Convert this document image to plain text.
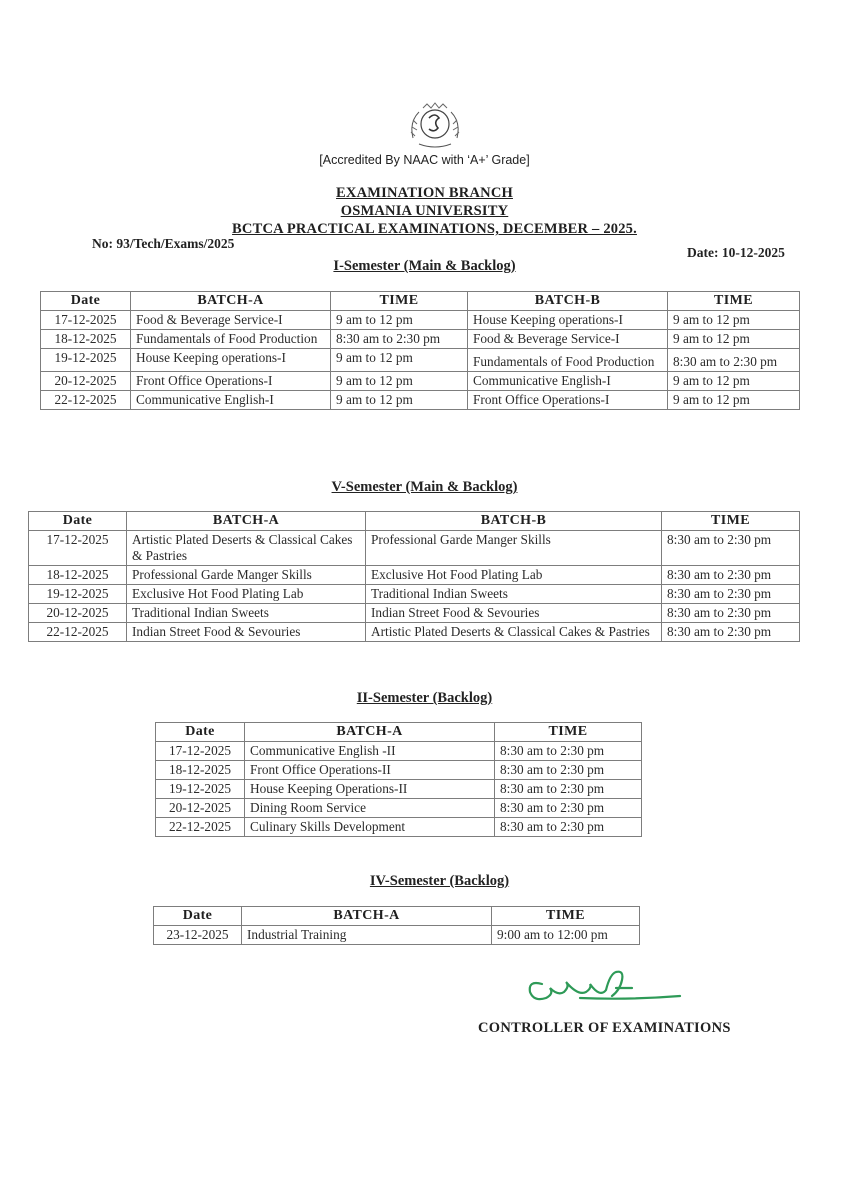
[Accredited By NAAC with ‘A+’ Grade]
EXAMINATION BRANCH
OSMANIA UNIVERSITY
BCTCA PRACTICAL EXAMINATIONS, DECEMBER – 2025.
No: 93/Tech/Exams/2025
Date: 10-12-2025
I-Semester (Main & Backlog)
Date	BATCH-A	TIME	BATCH-B	TIME
17-12-2025	Food & Beverage Service-I	9 am to 12 pm	House Keeping operations-I	9 am to 12 pm
18-12-2025	Fundamentals of Food Production	8:30 am to 2:30 pm	Food & Beverage Service-I	9 am to 12 pm
19-12-2025	House Keeping operations-I	9 am to 12 pm	Fundamentals of Food Production	8:30 am to 2:30 pm
20-12-2025	Front Office Operations-I	9 am to 12 pm	Communicative English-I	9 am to 12 pm
22-12-2025	Communicative English-I	9 am to 12 pm	Front Office Operations-I	9 am to 12 pm
V-Semester (Main & Backlog)
Date	BATCH-A	BATCH-B	TIME
17-12-2025	Artistic Plated Deserts & Classical Cakes & Pastries	Professional Garde Manger Skills	8:30 am to 2:30 pm
18-12-2025	Professional Garde Manger Skills	Exclusive Hot Food Plating Lab	8:30 am to 2:30 pm
19-12-2025	Exclusive Hot Food Plating Lab	Traditional Indian Sweets	8:30 am to 2:30 pm
20-12-2025	Traditional Indian Sweets	Indian Street Food & Sevouries	8:30 am to 2:30 pm
22-12-2025	Indian Street Food & Sevouries	Artistic Plated Deserts & Classical Cakes & Pastries	8:30 am to 2:30 pm
II-Semester (Backlog)
Date	BATCH-A	TIME
17-12-2025	Communicative English -II	8:30 am to 2:30 pm
18-12-2025	Front Office Operations-II	8:30 am to 2:30 pm
19-12-2025	House Keeping Operations-II	8:30 am to 2:30 pm
20-12-2025	Dining Room Service	8:30 am to 2:30 pm
22-12-2025	Culinary Skills Development	8:30 am to 2:30 pm
IV-Semester (Backlog)
Date	BATCH-A	TIME
23-12-2025	Industrial Training	9:00 am to 12:00 pm
CONTROLLER OF EXAMINATIONS
